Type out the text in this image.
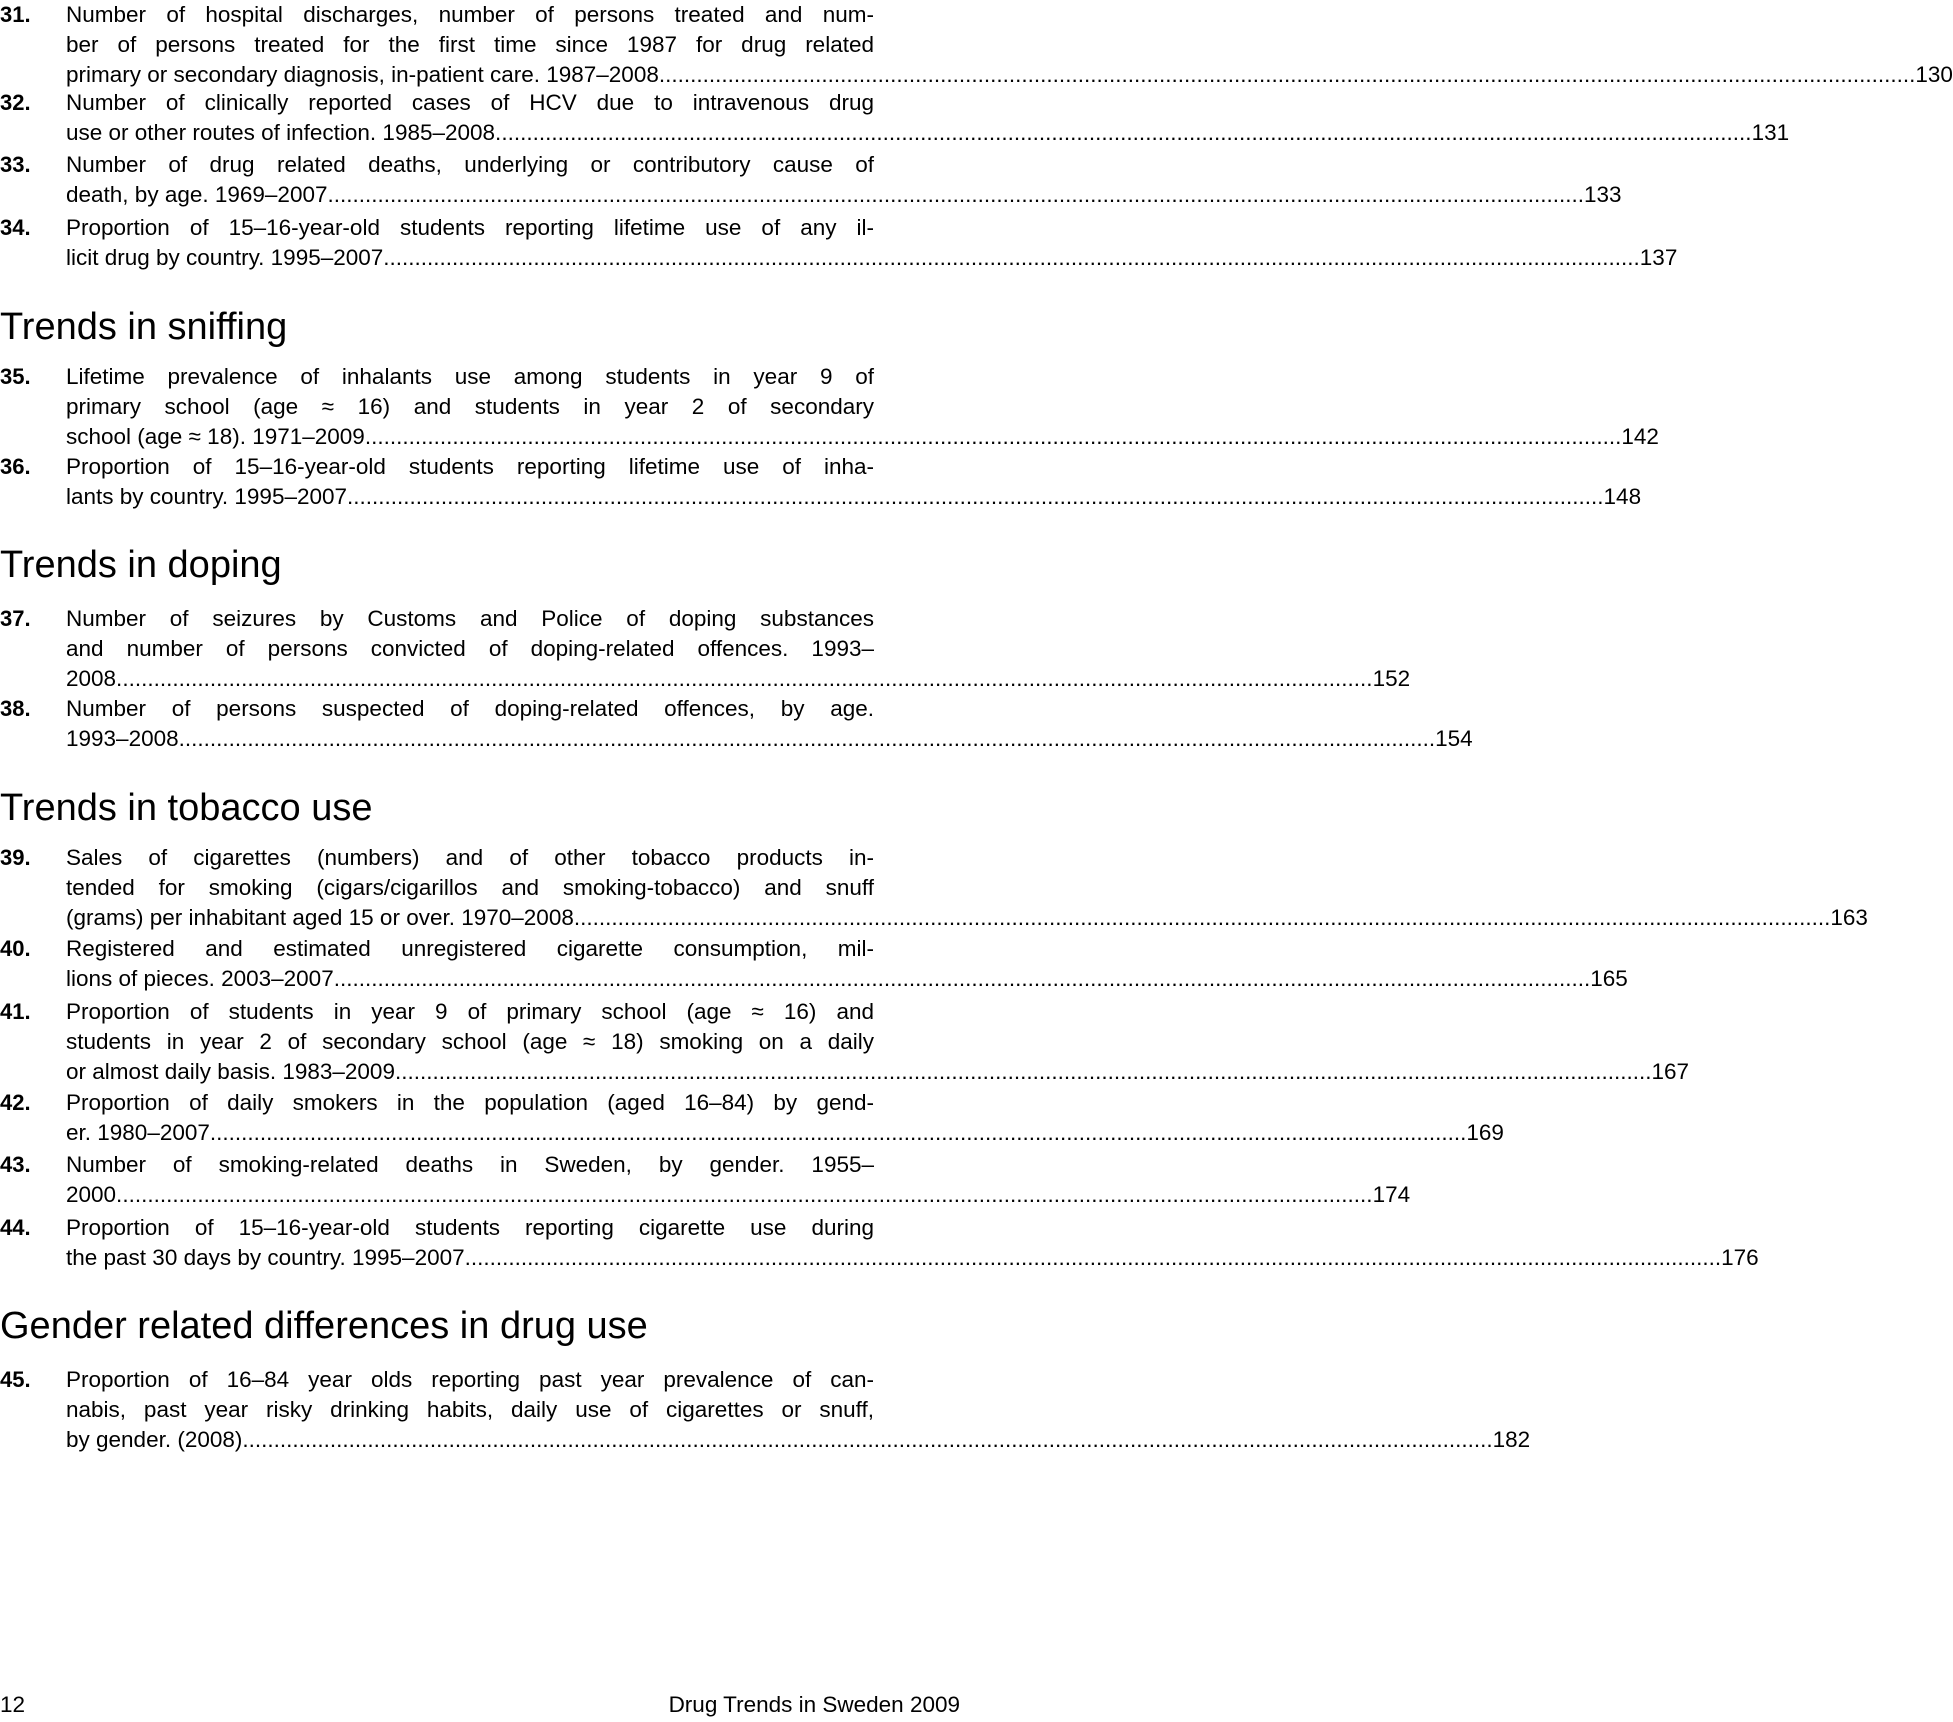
31. Number of hospital discharges, number of persons treated and num-
ber of persons treated for the first time since 1987 for drug related
primary or secondary diagnosis, in-patient care. 1987–2008. ........................................................................................................................................................................................................ 130
32. Number of clinically reported cases of HCV due to intravenous drug
use or other routes of infection. 1985–2008. ........................................................................................................................................................................................................ 131
33. Number of drug related deaths, underlying or contributory cause of
death, by age. 1969–2007. ........................................................................................................................................................................................................ 133
34. Proportion of 15–16-year-old students reporting lifetime use of any il-
licit drug by country. 1995–2007. ........................................................................................................................................................................................................ 137
Trends in sniffing
35. Lifetime prevalence of inhalants use among students in year 9 of
primary school (age ≈ 16) and students in year 2 of secondary
school (age ≈ 18). 1971–2009. ........................................................................................................................................................................................................ 142
36. Proportion of 15–16-year-old students reporting lifetime use of inha-
lants by country. 1995–2007. ........................................................................................................................................................................................................ 148
Trends in doping
37. Number of seizures by Customs and Police of doping substances
and number of persons convicted of doping-related offences. 1993–
2008. ........................................................................................................................................................................................................ 152
38. Number of persons suspected of doping-related offences, by age.
1993–2008. ........................................................................................................................................................................................................ 154
Trends in tobacco use
39. Sales of cigarettes (numbers) and of other tobacco products in-
tended for smoking (cigars/cigarillos and smoking-tobacco) and snuff
(grams) per inhabitant aged 15 or over. 1970–2008. ........................................................................................................................................................................................................ 163
40. Registered and estimated unregistered cigarette consumption, mil-
lions of pieces. 2003–2007. ........................................................................................................................................................................................................ 165
41. Proportion of students in year 9 of primary school (age ≈ 16) and
students in year 2 of secondary school (age ≈ 18) smoking on a daily
or almost daily basis. 1983–2009. ........................................................................................................................................................................................................ 167
42. Proportion of daily smokers in the population (aged 16–84) by gend-
er. 1980–2007. ........................................................................................................................................................................................................ 169
43. Number of smoking-related deaths in Sweden, by gender. 1955–
2000. ........................................................................................................................................................................................................ 174
44. Proportion of 15–16-year-old students reporting cigarette use during
the past 30 days by country. 1995–2007. ........................................................................................................................................................................................................ 176
Gender related differences in drug use
45. Proportion of 16–84 year olds reporting past year prevalence of can-
nabis, past year risky drinking habits, daily use of cigarettes or snuff,
by gender. (2008) ........................................................................................................................................................................................................ 182
12	Drug Trends in Sweden 2009
